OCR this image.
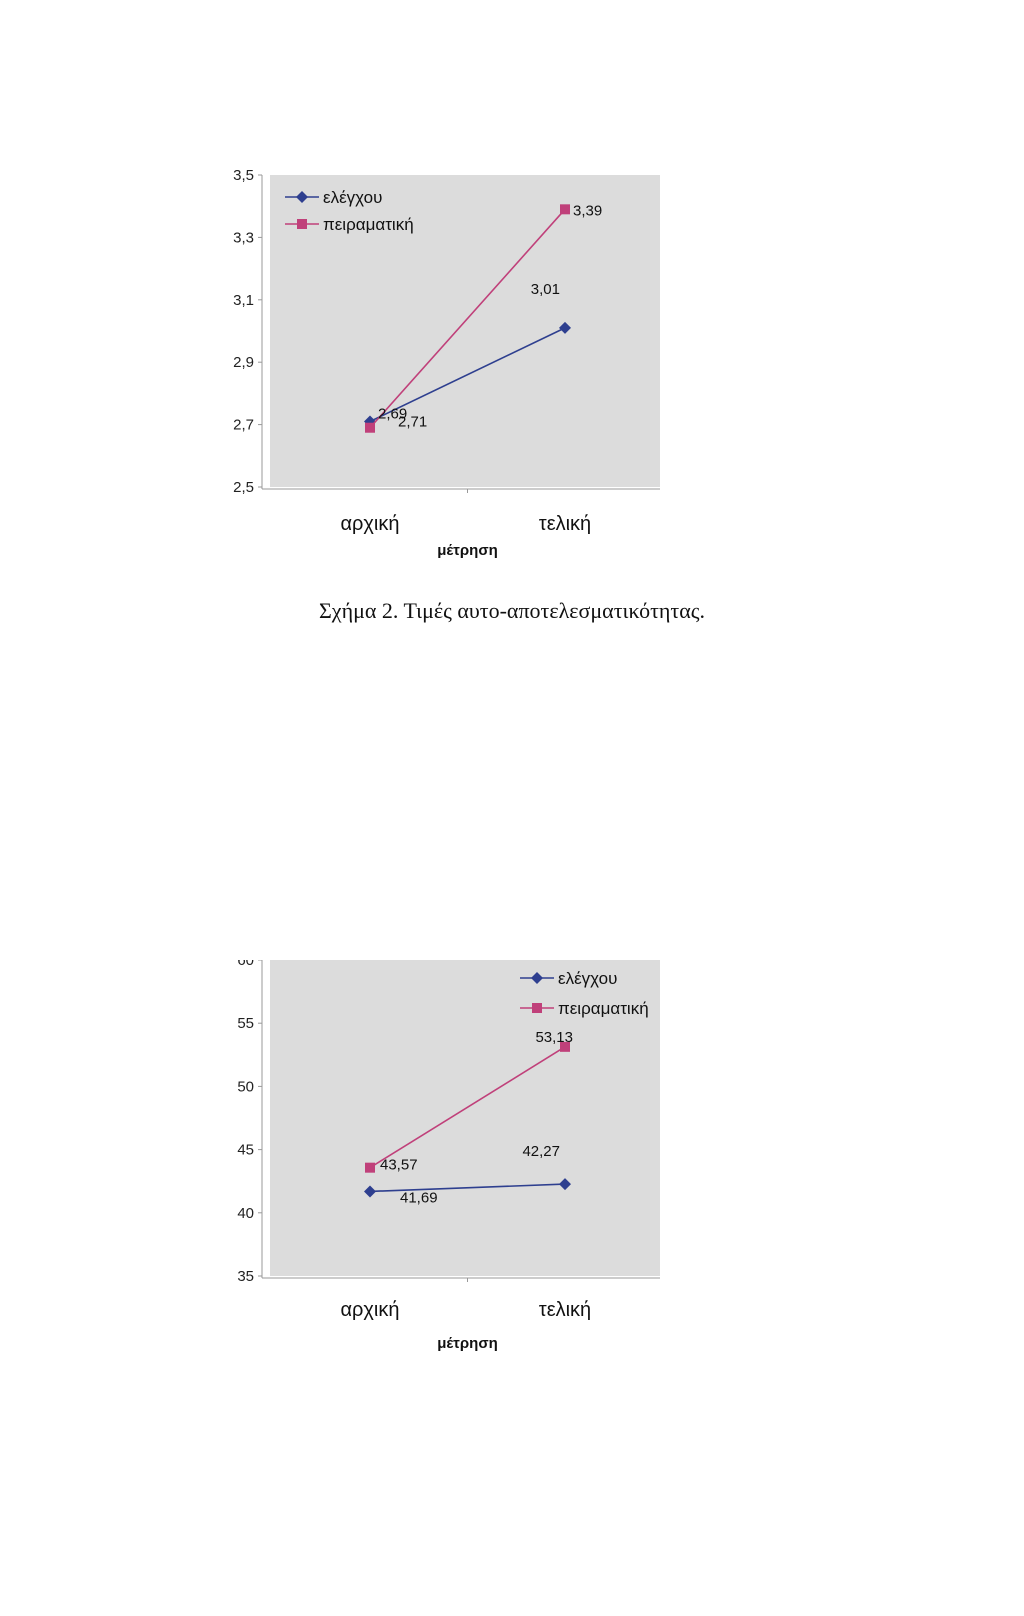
2,5
2,7
2,9
3,1
3,3
3,5
αρχική	τελική
μέτρηση
2,71
3,01
2,69
3,39
ελέγχου
πειραματική
Σχήμα 2. Τιμές αυτο-αποτελεσματικότητας.
35
40
45
50
55
60
αρχική	τελική
μέτρηση
41,69
42,27
43,57
53,13
ελέγχου
πειραματική
